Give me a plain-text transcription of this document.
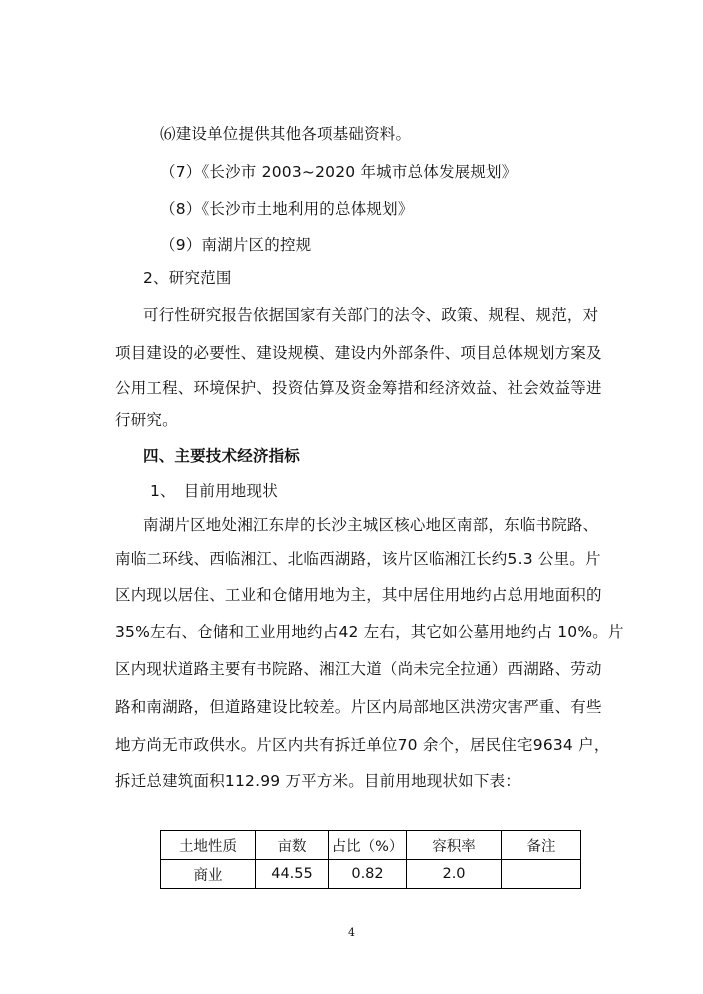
⑹建设单位提供其他各项基础资料。
（7）《长沙市 2003~2020 年城市总体发展规划》
（8）《长沙市土地利用的总体规划》
（9）南湖片区的控规
2、研究范围
可行性研究报告依据国家有关部门的法令、政策、规程、规范，对
项目建设的必要性、建设规模、建设内外部条件、项目总体规划方案及
公用工程、环境保护、投资估算及资金筹措和经济效益、社会效益等进
行研究。
四、主要技术经济指标
1、　目前用地现状
南湖片区地处湘江东岸的长沙主城区核心地区南部，东临书院路、
南临二环线、西临湘江、北临西湖路，该片区临湘江长约5.3 公里。片
区内现以居住、工业和仓储用地为主，其中居住用地约占总用地面积的
35%左右、仓储和工业用地约占42 左右，其它如公墓用地约占 10%。片
区内现状道路主要有书院路、湘江大道（尚未完全拉通）西湖路、劳动
路和南湖路，但道路建设比较差。片区内局部地区洪涝灾害严重、有些
地方尚无市政供水。片区内共有拆迁单位70 余个，居民住宅9634 户，
拆迁总建筑面积112.99 万平方米。目前用地现状如下表：
土地性质	亩数	占比（%）	容积率	备注
商业	44.55	0.82	2.0	
4
